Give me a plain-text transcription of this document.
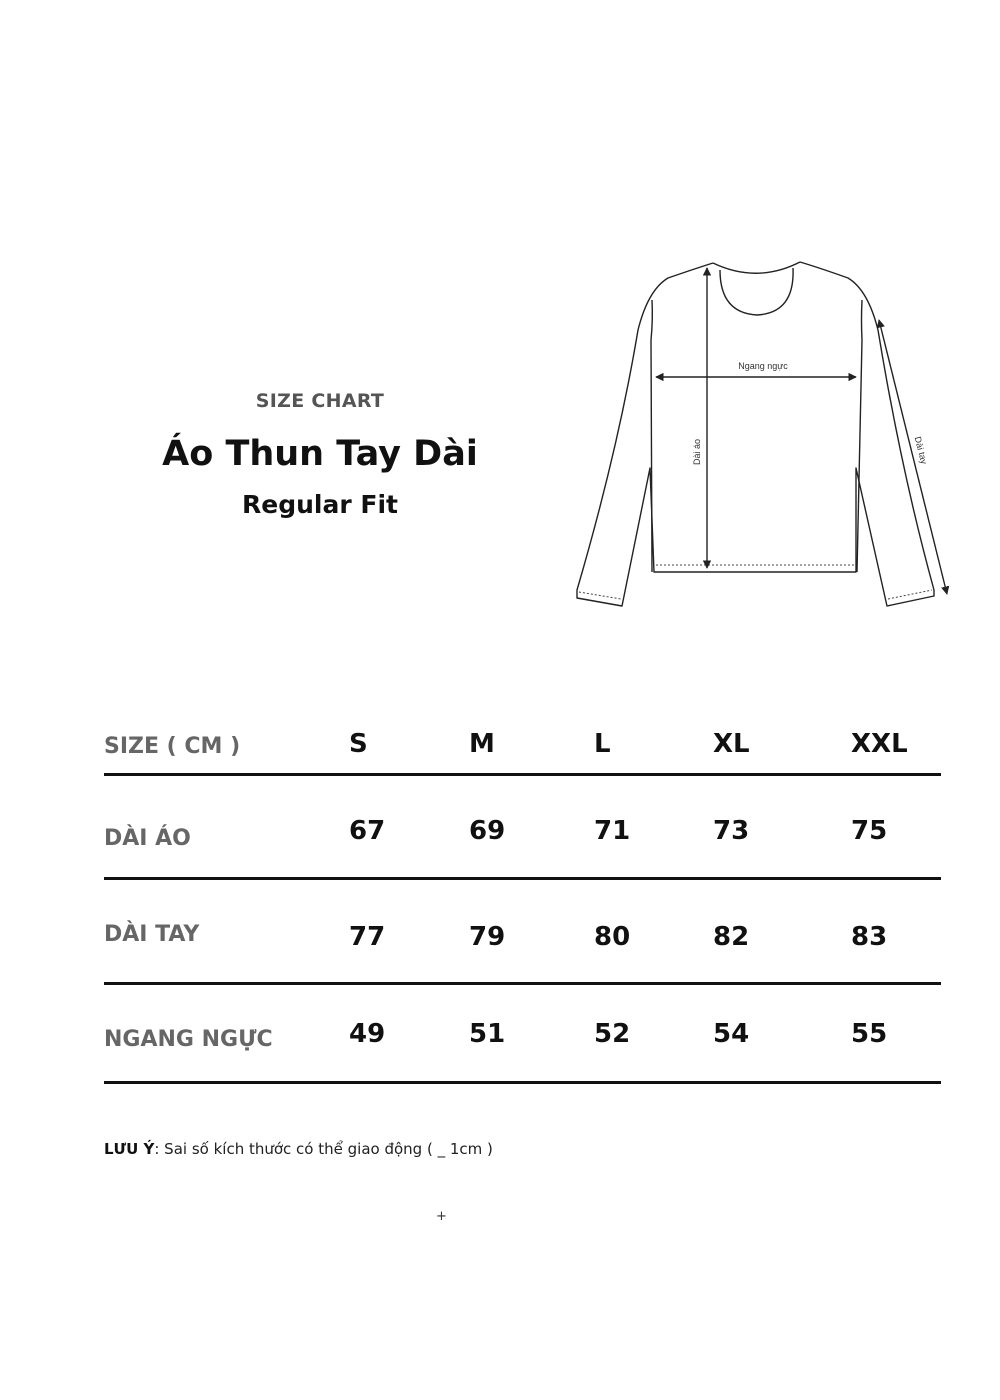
SIZE CHART
Áo Thun Tay Dài
Regular Fit
Ngang ngực
Dài áo	Dài tay
SIZE ( CM )	S	M	L	XL	XXL
DÀI ÁO	67	69	71	73	75
DÀI TAY	77	79	80	82	83
NGANG NGỰC	49	51	52	54	55
LƯU Ý: Sai số kích thước có thể giao động ( _ 1cm )
+
